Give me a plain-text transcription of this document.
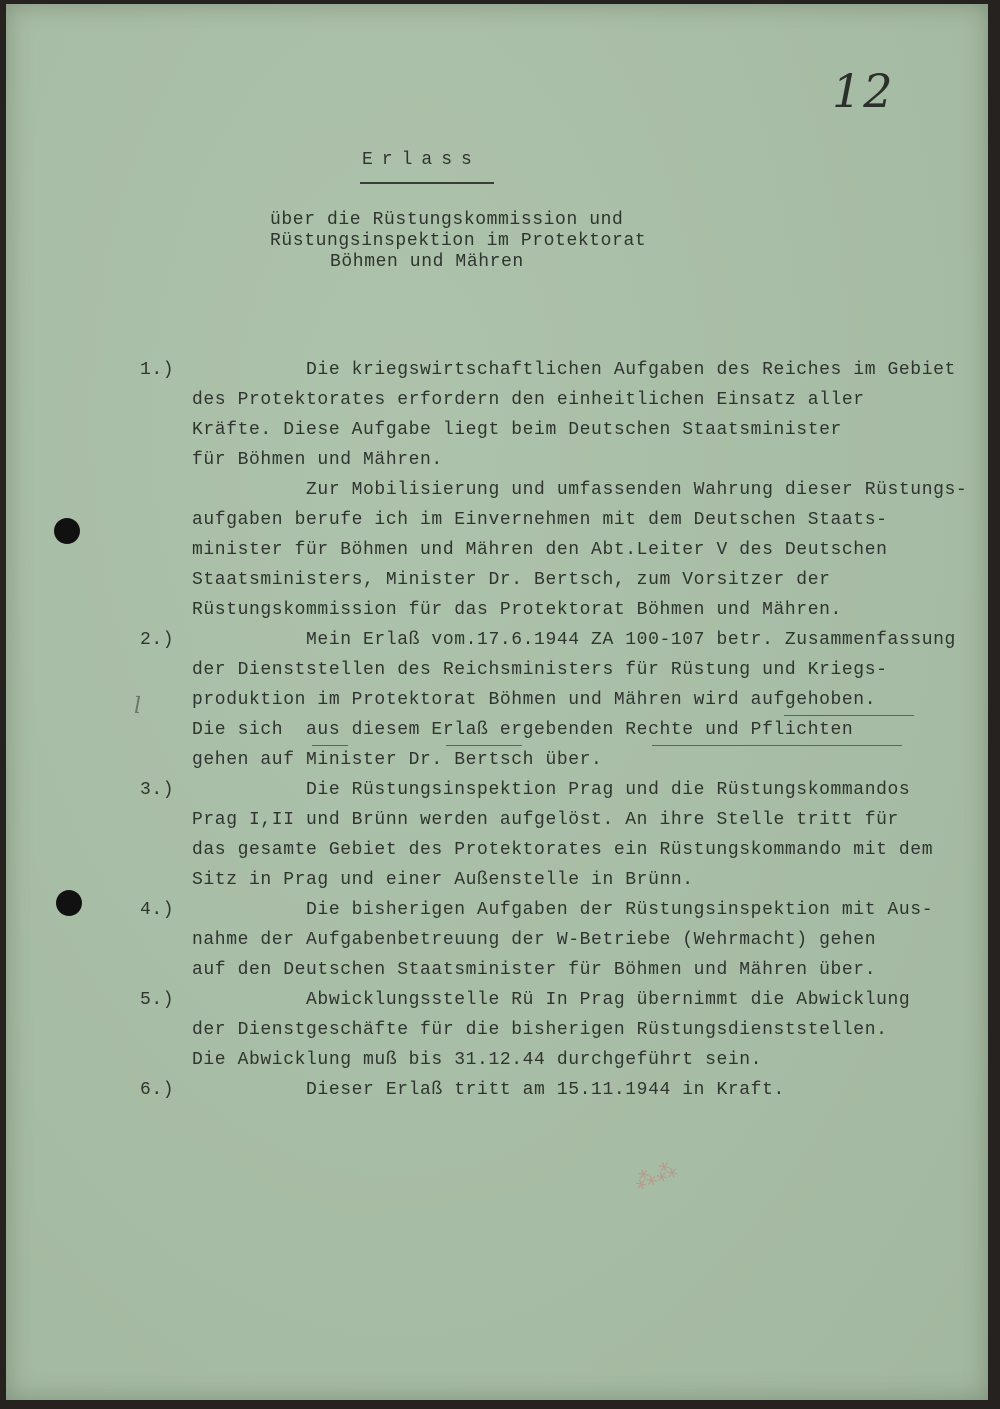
12
Erlass
über die Rüstungskommission und
Rüstungsinspektion im Protektorat
Böhmen und Mähren
1.) Die kriegswirtschaftlichen Aufgaben des Reiches im Gebiet
des Protektorates erfordern den einheitlichen Einsatz aller
Kräfte. Diese Aufgabe liegt beim Deutschen Staatsminister
für Böhmen und Mähren.
Zur Mobilisierung und umfassenden Wahrung dieser Rüstungs-
aufgaben berufe ich im Einvernehmen mit dem Deutschen Staats-
minister für Böhmen und Mähren den Abt.Leiter V des Deutschen
Staatsministers, Minister Dr. Bertsch, zum Vorsitzer der
Rüstungskommission für das Protektorat Böhmen und Mähren.
2.) Mein Erlaß vom.17.6.1944 ZA 100-107 betr. Zusammenfassung
der Dienststellen des Reichsministers für Rüstung und Kriegs-
produktion im Protektorat Böhmen und Mähren wird aufgehoben.
Die sich  aus diesem Erlaß ergebenden Rechte und Pflichten
gehen auf Minister Dr. Bertsch über.
3.) Die Rüstungsinspektion Prag und die Rüstungskommandos
Prag I,II und Brünn werden aufgelöst. An ihre Stelle tritt für
das gesamte Gebiet des Protektorates ein Rüstungskommando mit dem
Sitz in Prag und einer Außenstelle in Brünn.
4.) Die bisherigen Aufgaben der Rüstungsinspektion mit Aus-
nahme der Aufgabenbetreuung der W-Betriebe (Wehrmacht) gehen
auf den Deutschen Staatsminister für Böhmen und Mähren über.
5.) Abwicklungsstelle Rü In Prag übernimmt die Abwicklung
der Dienstgeschäfte für die bisherigen Rüstungsdienststellen.
Die Abwicklung muß bis 31.12.44 durchgeführt sein.
6.) Dieser Erlaß tritt am 15.11.1944 in Kraft.
l
⁂⁂
